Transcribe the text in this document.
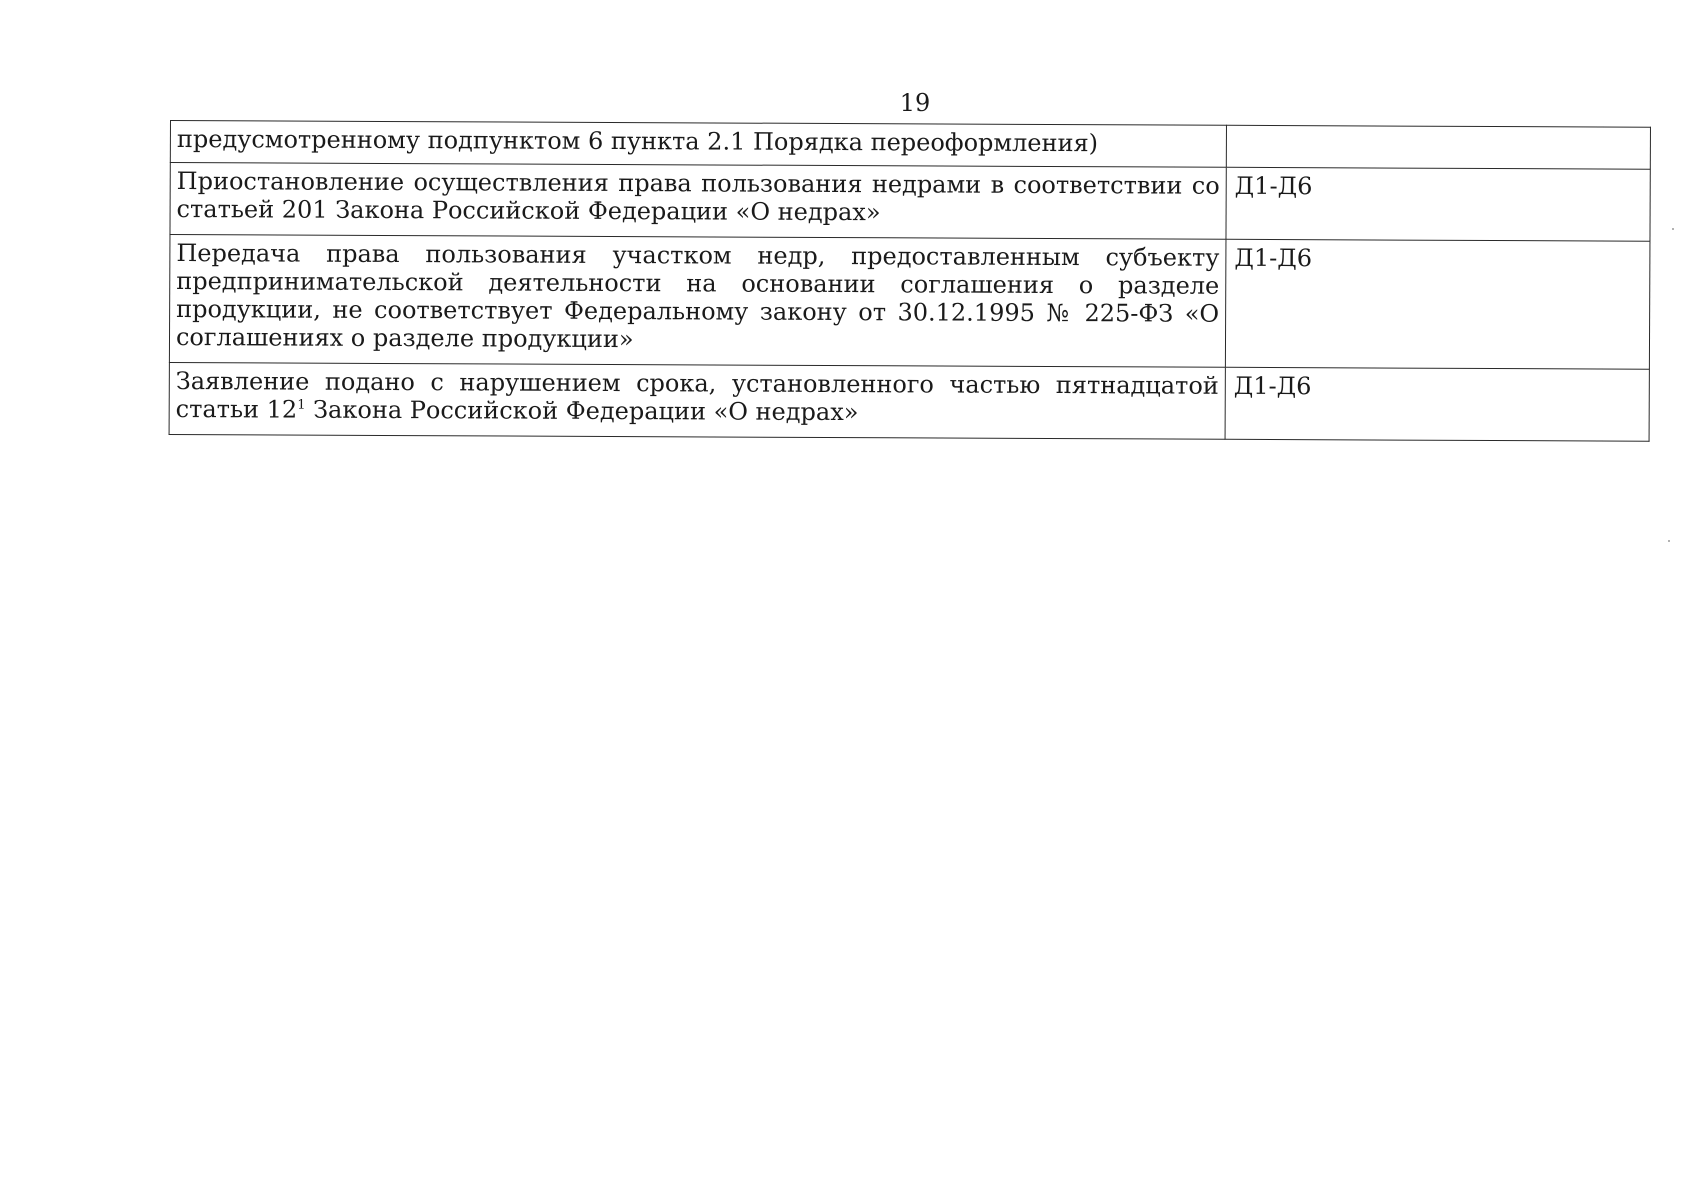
19
предусмотренному подпунктом 6 пункта 2.1 Порядка переоформления)	
Приостановление осуществления права пользования недрами в соответствии со статьей 201 Закона Российской Федерации «О недрах»	Д1-Д6
Передача права пользования участком недр, предоставленным субъекту предпринимательской деятельности на основании соглашения о разделе продукции, не соответствует Федеральному закону от 30.12.1995 № 225-ФЗ «О соглашениях о разделе продукции»	Д1-Д6
Заявление подано с нарушением срока, установленного частью пятнадцатой статьи $12^1$ Закона Российской Федерации «О недрах»	Д1-Д6
